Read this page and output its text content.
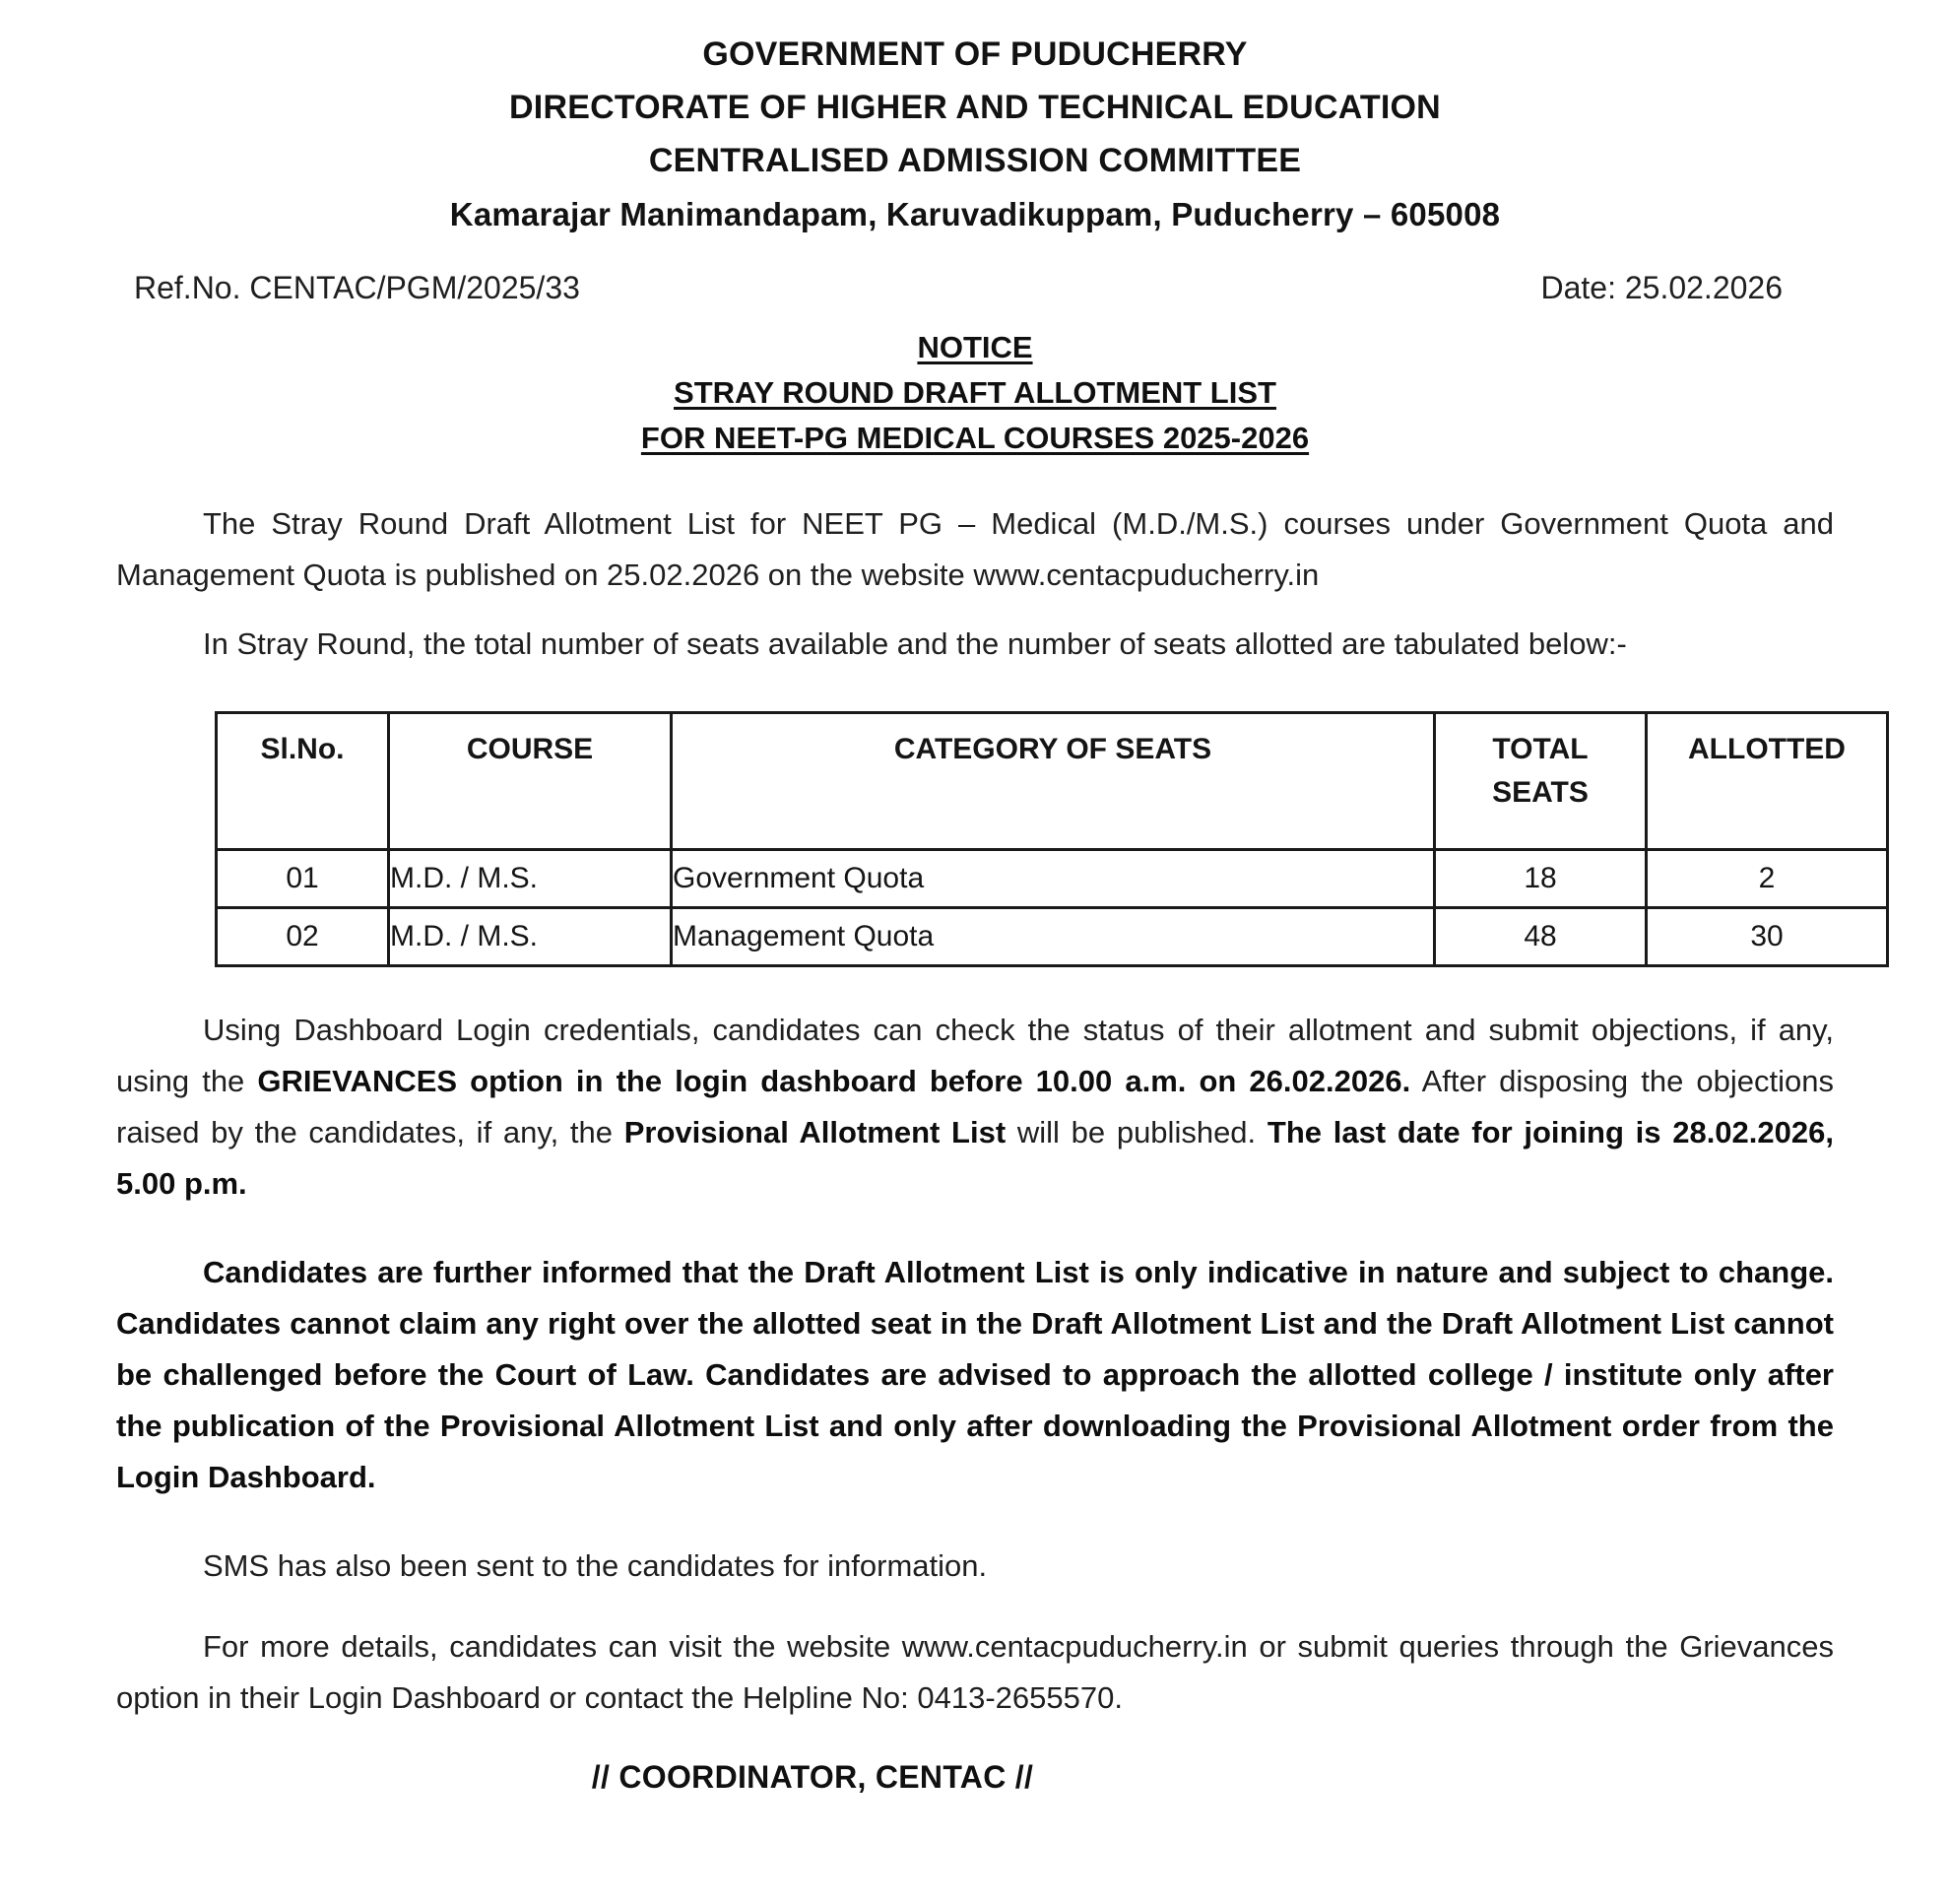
GOVERNMENT OF PUDUCHERRY
DIRECTORATE OF HIGHER AND TECHNICAL EDUCATION
CENTRALISED ADMISSION COMMITTEE
Kamarajar Manimandapam, Karuvadikuppam, Puducherry – 605008
Ref.No. CENTAC/PGM/2025/33	Date: 25.02.2026
NOTICE
STRAY ROUND DRAFT ALLOTMENT LIST
FOR NEET-PG MEDICAL COURSES 2025-2026

The Stray Round Draft Allotment List for NEET PG – Medical (M.D./M.S.) courses under Government Quota and Management Quota is published on 25.02.2026 on the website www.centacpuducherry.in

In Stray Round, the total number of seats available and the number of seats allotted are tabulated below:-

Sl.No.	COURSE	CATEGORY OF SEATS	TOTAL SEATS	ALLOTTED
01	M.D. / M.S.	Government Quota	18	2
02	M.D. / M.S.	Management Quota	48	30

Using Dashboard Login credentials, candidates can check the status of their allotment and submit objections, if any, using the GRIEVANCES option in the login dashboard before 10.00 a.m. on 26.02.2026. After disposing the objections raised by the candidates, if any, the Provisional Allotment List will be published. The last date for joining is 28.02.2026, 5.00 p.m.

Candidates are further informed that the Draft Allotment List is only indicative in nature and subject to change. Candidates cannot claim any right over the allotted seat in the Draft Allotment List and the Draft Allotment List cannot be challenged before the Court of Law. Candidates are advised to approach the allotted college / institute only after the publication of the Provisional Allotment List and only after downloading the Provisional Allotment order from the Login Dashboard.

SMS has also been sent to the candidates for information.

For more details, candidates can visit the website www.centacpuducherry.in or submit queries through the Grievances option in their Login Dashboard or contact the Helpline No: 0413-2655570.

// COORDINATOR, CENTAC //
